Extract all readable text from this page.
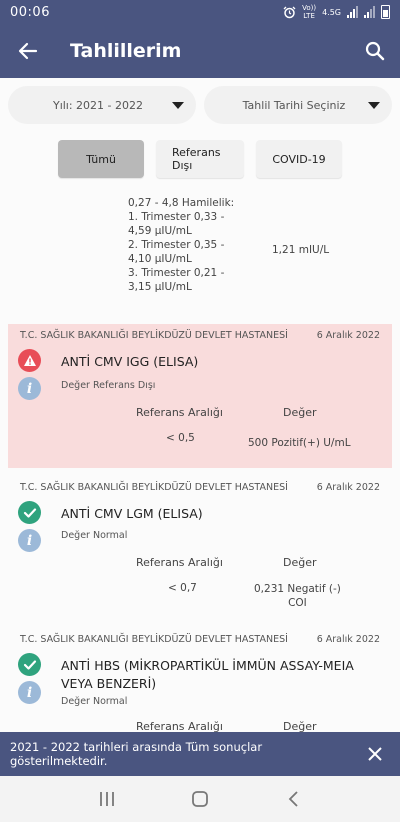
00:06	Vo))
LTE 4.5G
Tahlillerim
Yılı: 2021 - 2022	Tahlil Tarihi Seçiniz
Tümü	Referans Dışı	COVID-19
0,27 - 4,8 Hamilelik:
1. Trimester 0,33 -
4,59 µIU/mL
2. Trimester 0,35 -
4,10 µIU/mL
3. Trimester 0,21 -
3,15 µIU/mL
1,21 mIU/L
T.C. SAĞLIK BAKANLIĞI BEYLİKDÜZÜ DEVLET HASTANESİ	6 Aralık 2022
i
ANTİ CMV IGG (ELISA)
Değer Referans Dışı
Referans Aralığı	Değer
< 0,5	500 Pozitif(+) U/mL
T.C. SAĞLIK BAKANLIĞI BEYLİKDÜZÜ DEVLET HASTANESİ	6 Aralık 2022
i
ANTİ CMV LGM (ELISA)
Değer Normal
Referans Aralığı	Değer
< 0,7	0,231 Negatif (-)
COI
T.C. SAĞLIK BAKANLIĞI BEYLİKDÜZÜ DEVLET HASTANESİ	6 Aralık 2022
i
ANTİ HBS (MİKROPARTİKÜL İMMÜN ASSAY-MEIA VEYA BENZERİ)
Değer Normal
Referans Aralığı	Değer
2021 - 2022 tarihleri arasında Tüm sonuçlar gösterilmektedir.
